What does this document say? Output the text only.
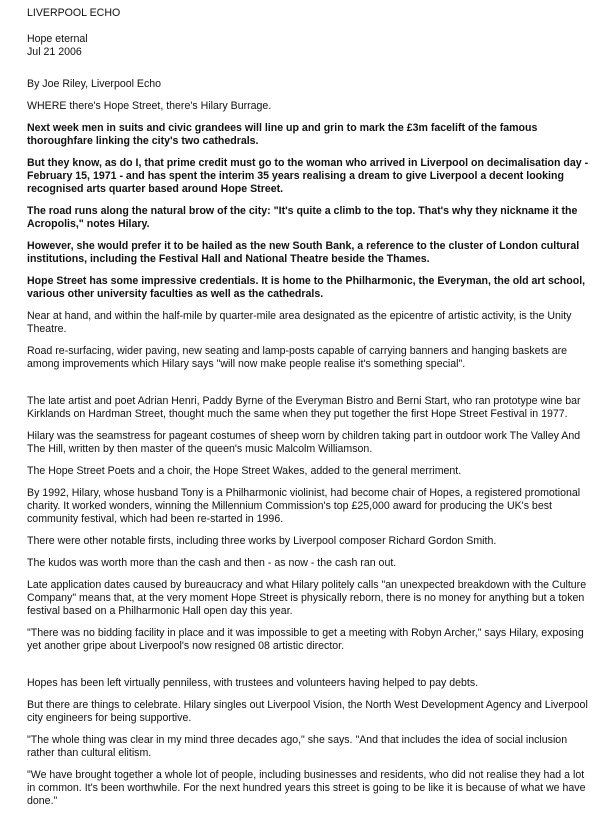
LIVERPOOL ECHO
Hope eternal
Jul 21 2006
By Joe Riley, Liverpool Echo
WHERE there's Hope Street, there's Hilary Burrage.
Next week men in suits and civic grandees will line up and grin to mark the £3m facelift of the famous thoroughfare linking the city's two cathedrals.
But they know, as do I, that prime credit must go to the woman who arrived in Liverpool on decimalisation day - February 15, 1971 - and has spent the interim 35 years realising a dream to give Liverpool a decent looking recognised arts quarter based around Hope Street.
The road runs along the natural brow of the city: "It's quite a climb to the top. That's why they nickname it the Acropolis," notes Hilary.
However, she would prefer it to be hailed as the new South Bank, a reference to the cluster of London cultural institutions, including the Festival Hall and National Theatre beside the Thames.
Hope Street has some impressive credentials. It is home to the Philharmonic, the Everyman, the old art school, various other university faculties as well as the cathedrals.
Near at hand, and within the half-mile by quarter-mile area designated as the epicentre of artistic activity, is the Unity Theatre.
Road re-surfacing, wider paving, new seating and lamp-posts capable of carrying banners and hanging baskets are among improvements which Hilary says "will now make people realise it's something special".
The late artist and poet Adrian Henri, Paddy Byrne of the Everyman Bistro and Berni Start, who ran prototype wine bar Kirklands on Hardman Street, thought much the same when they put together the first Hope Street Festival in 1977.
Hilary was the seamstress for pageant costumes of sheep worn by children taking part in outdoor work The Valley And The Hill, written by then master of the queen's music Malcolm Williamson.
The Hope Street Poets and a choir, the Hope Street Wakes, added to the general merriment.
By 1992, Hilary, whose husband Tony is a Philharmonic violinist, had become chair of Hopes, a registered promotional charity. It worked wonders, winning the Millennium Commission's top £25,000 award for producing the UK's best community festival, which had been re-started in 1996.
There were other notable firsts, including three works by Liverpool composer Richard Gordon Smith.
The kudos was worth more than the cash and then - as now - the cash ran out.
Late application dates caused by bureaucracy and what Hilary politely calls "an unexpected breakdown with the Culture Company" means that, at the very moment Hope Street is physically reborn, there is no money for anything but a token festival based on a Philharmonic Hall open day this year.
"There was no bidding facility in place and it was impossible to get a meeting with Robyn Archer," says Hilary, exposing yet another gripe about Liverpool's now resigned 08 artistic director.
Hopes has been left virtually penniless, with trustees and volunteers having helped to pay debts.
But there are things to celebrate. Hilary singles out Liverpool Vision, the North West Development Agency and Liverpool city engineers for being supportive.
"The whole thing was clear in my mind three decades ago," she says. "And that includes the idea of social inclusion rather than cultural elitism.
"We have brought together a whole lot of people, including businesses and residents, who did not realise they had a lot in common. It's been worthwhile. For the next hundred years this street is going to be like it is because of what we have done."
